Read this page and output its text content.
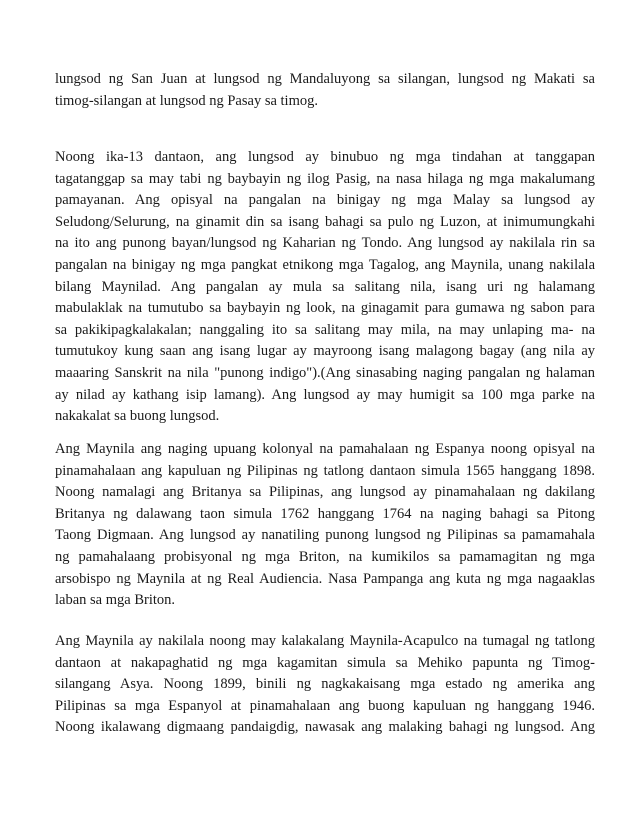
lungsod ng San Juan at lungsod ng Mandaluyong sa silangan, lungsod ng Makati sa
timog-silangan at lungsod ng Pasay sa timog.
Noong ika-13 dantaon, ang lungsod ay binubuo ng mga tindahan at tanggapan
tagatanggap sa may tabi ng baybayin ng ilog Pasig, na nasa hilaga ng mga makalumang
pamayanan. Ang opisyal na pangalan na binigay ng mga Malay sa lungsod ay
Seludong/Selurung, na ginamit din sa isang bahagi sa pulo ng Luzon, at inimumungkahi
na ito ang punong bayan/lungsod ng Kaharian ng Tondo. Ang lungsod ay nakilala rin sa
pangalan na binigay ng mga pangkat etnikong mga Tagalog, ang Maynila, unang nakilala
bilang Maynilad. Ang pangalan ay mula sa salitang nila, isang uri ng halamang
mabulaklak na tumutubo sa baybayin ng look, na ginagamit para gumawa ng sabon para
sa pakikipagkalakalan; nanggaling ito sa salitang may mila, na may unlaping ma- na
tumutukoy kung saan ang isang lugar ay mayroong isang malagong bagay (ang nila ay
maaaring Sanskrit na nila "punong indigo").(Ang sinasabing naging pangalan ng halaman
ay nilad ay kathang isip lamang). Ang lungsod ay may humigit sa 100 mga parke na
nakakalat sa buong lungsod.
Ang Maynila ang naging upuang kolonyal na pamahalaan ng Espanya noong opisyal na
pinamahalaan ang kapuluan ng Pilipinas ng tatlong dantaon simula 1565 hanggang 1898.
Noong namalagi ang Britanya sa Pilipinas, ang lungsod ay pinamahalaan ng dakilang
Britanya ng dalawang taon simula 1762 hanggang 1764 na naging bahagi sa Pitong
Taong Digmaan. Ang lungsod ay nanatiling punong lungsod ng Pilipinas sa pamamahala
ng pamahalaang probisyonal ng mga Briton, na kumikilos sa pamamagitan ng mga
arsobispo ng Maynila at ng Real Audiencia. Nasa Pampanga ang kuta ng mga nagaaklas
laban sa mga Briton.
Ang Maynila ay nakilala noong may kalakalang Maynila-Acapulco na tumagal ng tatlong
dantaon at nakapaghatid ng mga kagamitan simula sa Mehiko papunta ng Timog-
silangang Asya. Noong 1899, binili ng nagkakaisang mga estado ng amerika ang
Pilipinas sa mga Espanyol at pinamahalaan ang buong kapuluan ng hanggang 1946.
Noong ikalawang digmaang pandaigdig, nawasak ang malaking bahagi ng lungsod. Ang
